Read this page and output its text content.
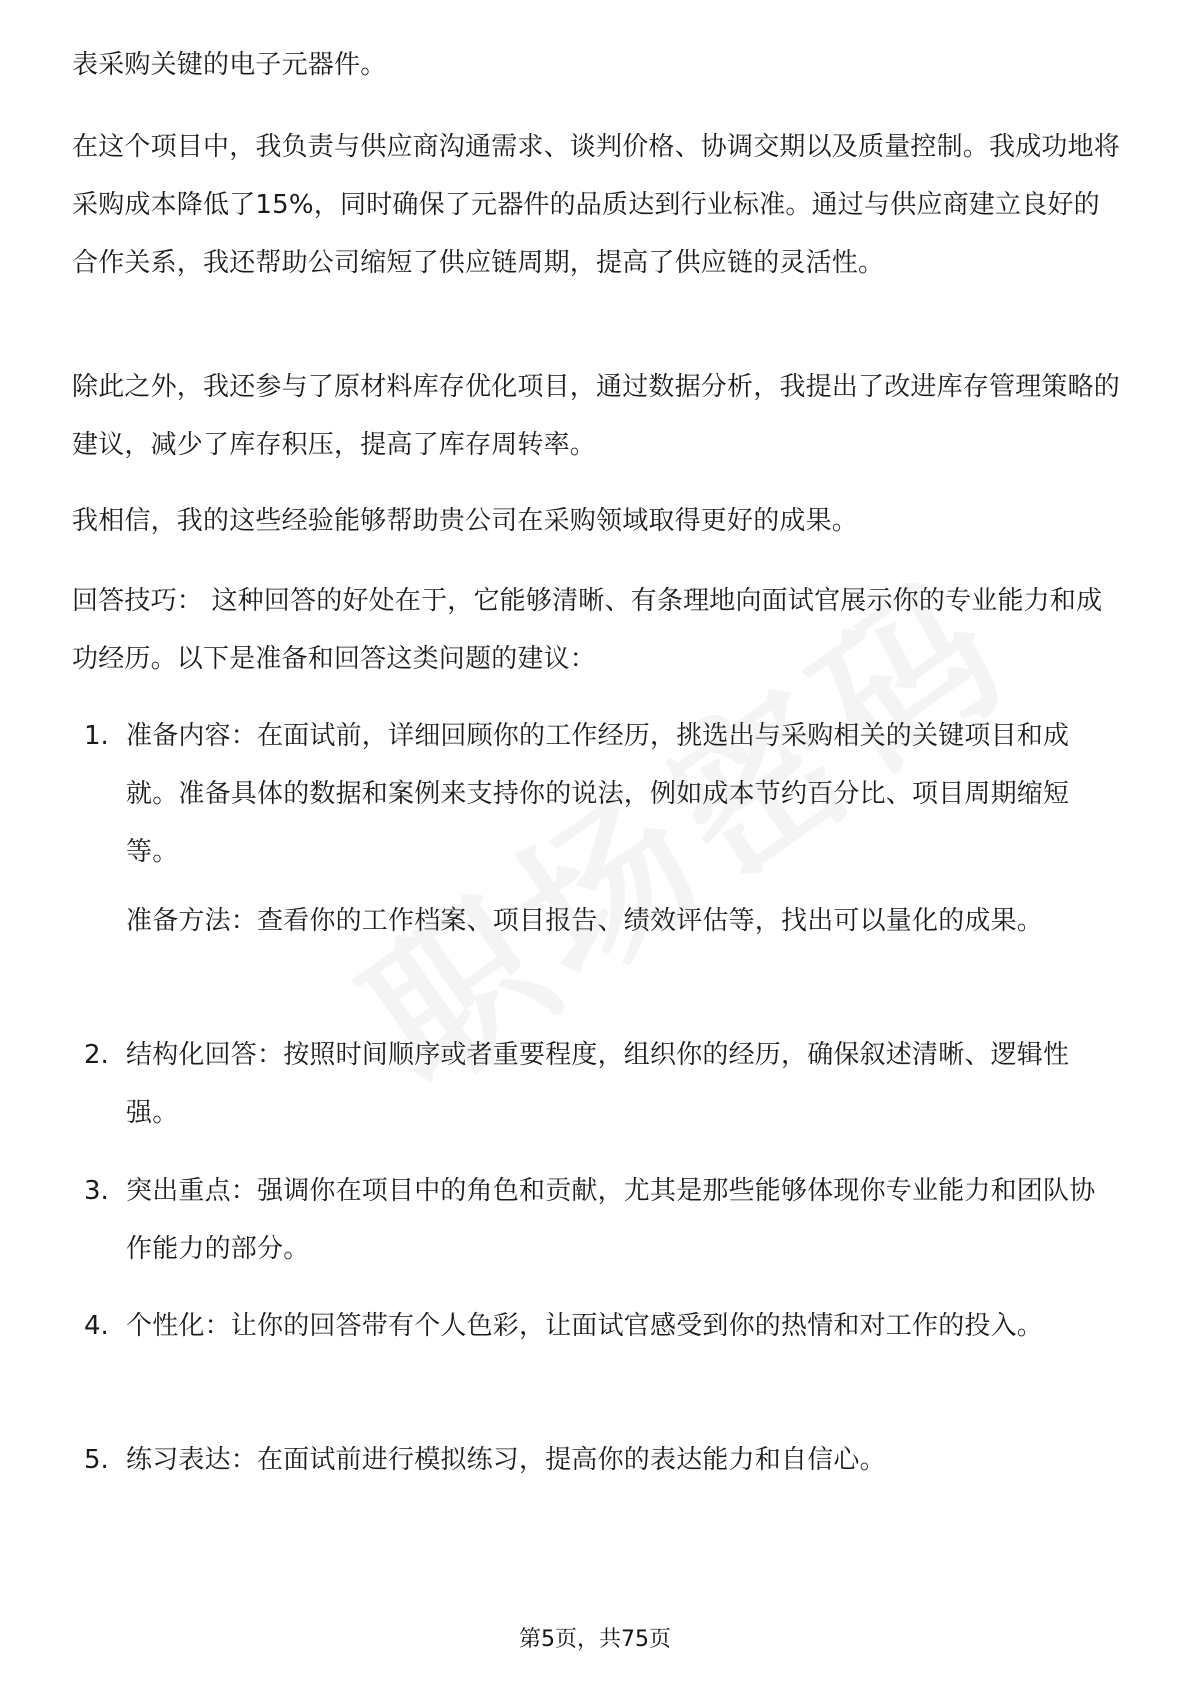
表采购关键的电子元器件。

在这个项目中，我负责与供应商沟通需求、谈判价格、协调交期以及质量控制。我成功地将采购成本降低了15%，同时确保了元器件的品质达到行业标准。通过与供应商建立良好的合作关系，我还帮助公司缩短了供应链周期，提高了供应链的灵活性。

除此之外，我还参与了原材料库存优化项目，通过数据分析，我提出了改进库存管理策略的建议，减少了库存积压，提高了库存周转率。

我相信，我的这些经验能够帮助贵公司在采购领域取得更好的成果。

回答技巧： 这种回答的好处在于，它能够清晰、有条理地向面试官展示你的专业能力和成功经历。以下是准备和回答这类问题的建议：

1. 准备内容：在面试前，详细回顾你的工作经历，挑选出与采购相关的关键项目和成就。准备具体的数据和案例来支持你的说法，例如成本节约百分比、项目周期缩短等。

准备方法：查看你的工作档案、项目报告、绩效评估等，找出可以量化的成果。

2. 结构化回答：按照时间顺序或者重要程度，组织你的经历，确保叙述清晰、逻辑性强。

3. 突出重点：强调你在项目中的角色和贡献，尤其是那些能够体现你专业能力和团队协作能力的部分。

4. 个性化：让你的回答带有个人色彩，让面试官感受到你的热情和对工作的投入。

5. 练习表达：在面试前进行模拟练习，提高你的表达能力和自信心。

第5页，共75页
